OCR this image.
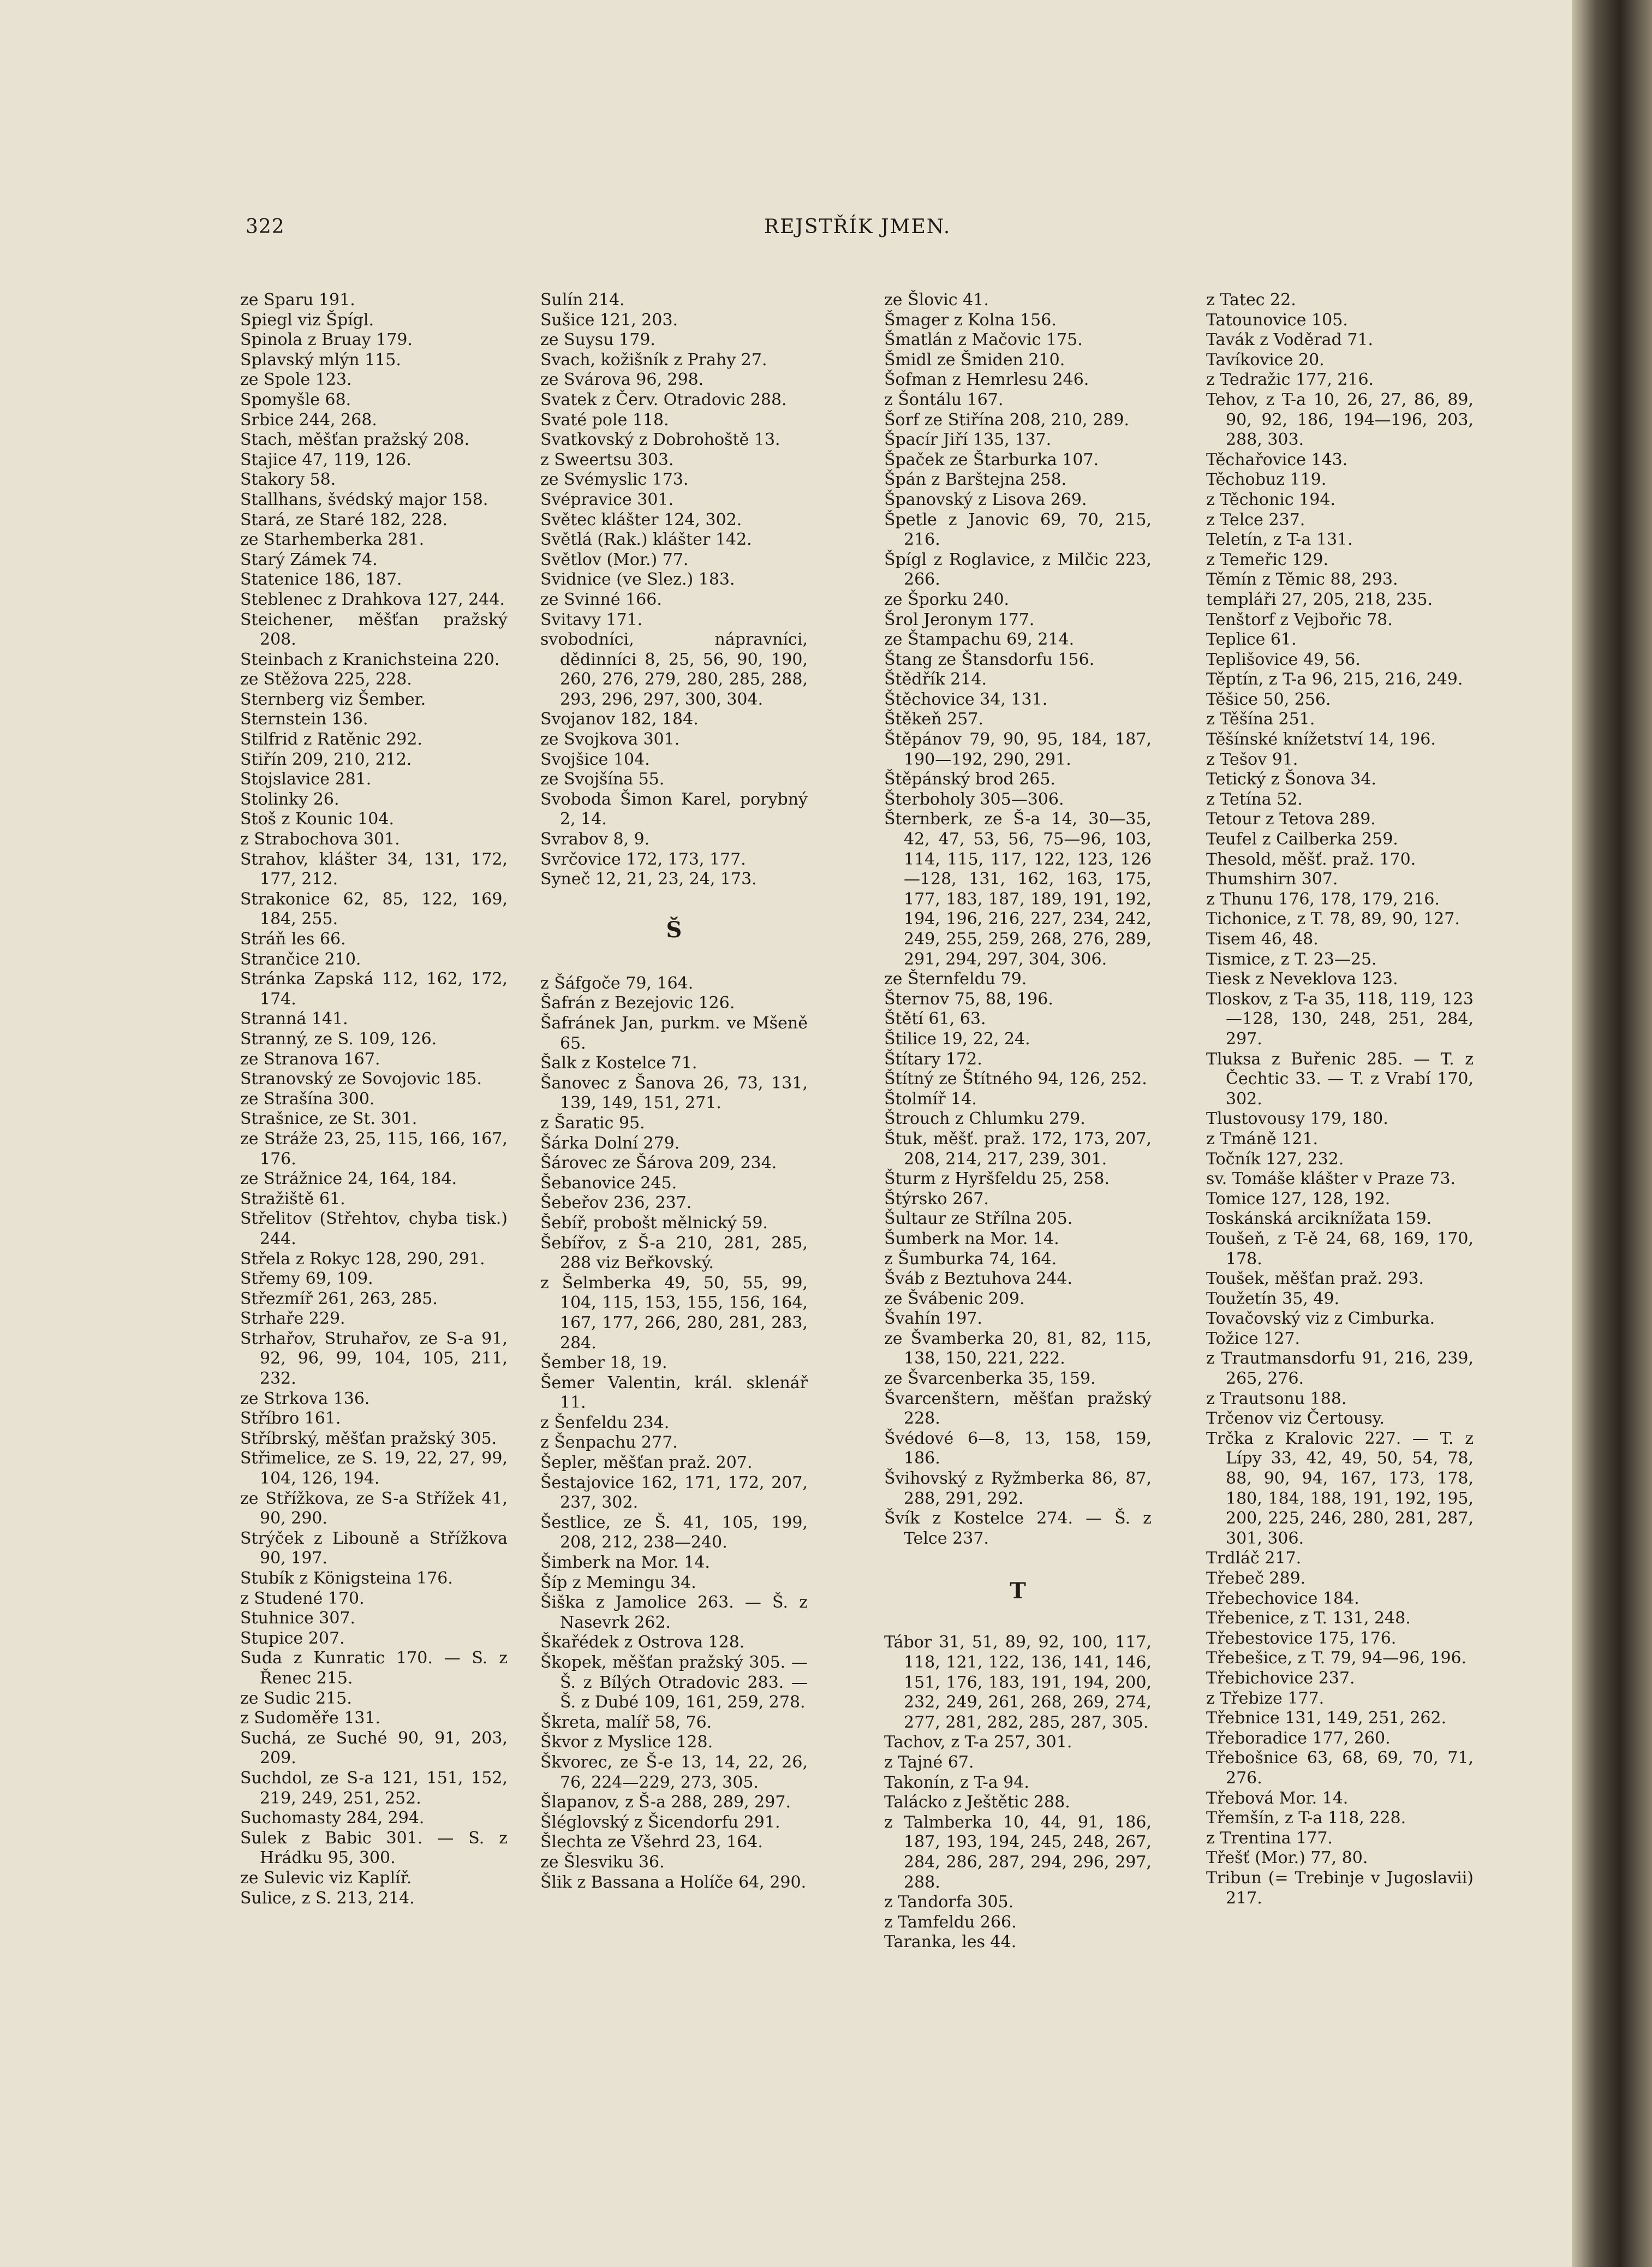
322	REJSTŘÍK JMEN.
ze Sparu 191.
Spiegl viz Špígl.
Spinola z Bruay 179.
Splavský mlýn 115.
ze Spole 123.
Spomyšle 68.
Srbice 244, 268.
Stach, měšťan pražský 208.
Stajice 47, 119, 126.
Stakory 58.
Stallhans, švédský major 158.
Stará, ze Staré 182, 228.
ze Starhemberka 281.
Starý Zámek 74.
Statenice 186, 187.
Steblenec z Drahkova 127, 244.
Steichener, měšťan pražský 208.
Steinbach z Kranichsteina 220.
ze Stěžova 225, 228.
Sternberg viz Šember.
Sternstein 136.
Stilfrid z Ratěnic 292.
Stiřín 209, 210, 212.
Stojslavice 281.
Stolinky 26.
Stoš z Kounic 104.
z Strabochova 301.
Strahov, klášter 34, 131, 172, 177, 212.
Strakonice 62, 85, 122, 169, 184, 255.
Stráň les 66.
Strančice 210.
Stránka Zapská 112, 162, 172, 174.
Stranná 141.
Stranný, ze S. 109, 126.
ze Stranova 167.
Stranovský ze Sovojovic 185.
ze Strašína 300.
Strašnice, ze St. 301.
ze Stráže 23, 25, 115, 166, 167, 176.
ze Strážnice 24, 164, 184.
Stražiště 61.
Střelitov (Střehtov, chyba tisk.) 244.
Střela z Rokyc 128, 290, 291.
Střemy 69, 109.
Střezmíř 261, 263, 285.
Strhaře 229.
Strhařov, Struhařov, ze S-a 91, 92, 96, 99, 104, 105, 211, 232.
ze Strkova 136.
Stříbro 161.
Stříbrský, měšťan pražský 305.
Střimelice, ze S. 19, 22, 27, 99, 104, 126, 194.
ze Střížkova, ze S-a Střížek 41, 90, 290.
Strýček z Libouně a Střížkova 90, 197.
Stubík z Königsteina 176.
z Studené 170.
Stuhnice 307.
Stupice 207.
Suda z Kunratic 170. — S. z Řenec 215.
ze Sudic 215.
z Sudoměře 131.
Suchá, ze Suché 90, 91, 203, 209.
Suchdol, ze S-a 121, 151, 152, 219, 249, 251, 252.
Suchomasty 284, 294.
Sulek z Babic 301. — S. z Hrádku 95, 300.
ze Sulevic viz Kaplíř.
Sulice, z S. 213, 214.
Sulín 214.
Sušice 121, 203.
ze Suysu 179.
Svach, kožišník z Prahy 27.
ze Svárova 96, 298.
Svatek z Červ. Otradovic 288.
Svaté pole 118.
Svatkovský z Dobrohoště 13.
z Sweertsu 303.
ze Svémyslic 173.
Svépravice 301.
Světec klášter 124, 302.
Světlá (Rak.) klášter 142.
Světlov (Mor.) 77.
Svidnice (ve Slez.) 183.
ze Svinné 166.
Svitavy 171.
svobodníci, nápravníci, dědinníci 8, 25, 56, 90, 190, 260, 276, 279, 280, 285, 288, 293, 296, 297, 300, 304.
Svojanov 182, 184.
ze Svojkova 301.
Svojšice 104.
ze Svojšína 55.
Svoboda Šimon Karel, porybný 2, 14.
Svrabov 8, 9.
Svrčovice 172, 173, 177.
Syneč 12, 21, 23, 24, 173.
Š
z Šáfgoče 79, 164.
Šafrán z Bezejovic 126.
Šafránek Jan, purkm. ve Mšeně 65.
Šalk z Kostelce 71.
Šanovec z Šanova 26, 73, 131, 139, 149, 151, 271.
z Šaratic 95.
Šárka Dolní 279.
Šárovec ze Šárova 209, 234.
Šebanovice 245.
Šebeřov 236, 237.
Šebíř, probošt mělnický 59.
Šebířov, z Š-a 210, 281, 285, 288 viz Beřkovský.
z Šelmberka 49, 50, 55, 99, 104, 115, 153, 155, 156, 164, 167, 177, 266, 280, 281, 283, 284.
Šember 18, 19.
Šemer Valentin, král. sklenář 11.
z Šenfeldu 234.
z Šenpachu 277.
Šepler, měšťan praž. 207.
Šestajovice 162, 171, 172, 207, 237, 302.
Šestlice, ze Š. 41, 105, 199, 208, 212, 238—240.
Šimberk na Mor. 14.
Šíp z Memingu 34.
Šiška z Jamolice 263. — Š. z Nasevrk 262.
Škařédek z Ostrova 128.
Škopek, měšťan pražský 305. — Š. z Bílých Otradovic 283. — Š. z Dubé 109, 161, 259, 278.
Škreta, malíř 58, 76.
Škvor z Myslice 128.
Škvorec, ze Š-e 13, 14, 22, 26, 76, 224—229, 273, 305.
Šlapanov, z Š-a 288, 289, 297.
Šléglovský z Šicendorfu 291.
Šlechta ze Všehrd 23, 164.
ze Šlesviku 36.
Šlik z Bassana a Holíče 64, 290.
ze Šlovic 41.
Šmager z Kolna 156.
Šmatlán z Mačovic 175.
Šmidl ze Šmiden 210.
Šofman z Hemrlesu 246.
z Šontálu 167.
Šorf ze Stiřína 208, 210, 289.
Špacír Jiří 135, 137.
Špaček ze Štarburka 107.
Špán z Barštejna 258.
Španovský z Lisova 269.
Špetle z Janovic 69, 70, 215, 216.
Špígl z Roglavice, z Milčic 223, 266.
ze Šporku 240.
Šrol Jeronym 177.
ze Štampachu 69, 214.
Štang ze Štansdorfu 156.
Štědřík 214.
Štěchovice 34, 131.
Štěkeň 257.
Štěpánov 79, 90, 95, 184, 187, 190—192, 290, 291.
Štěpánský brod 265.
Šterboholy 305—306.
Šternberk, ze Š-a 14, 30—35, 42, 47, 53, 56, 75—96, 103, 114, 115, 117, 122, 123, 126—128, 131, 162, 163, 175, 177, 183, 187, 189, 191, 192, 194, 196, 216, 227, 234, 242, 249, 255, 259, 268, 276, 289, 291, 294, 297, 304, 306.
ze Šternfeldu 79.
Šternov 75, 88, 196.
Štětí 61, 63.
Štilice 19, 22, 24.
Štítary 172.
Štítný ze Štítného 94, 126, 252.
Štolmíř 14.
Štrouch z Chlumku 279.
Štuk, měšť. praž. 172, 173, 207, 208, 214, 217, 239, 301.
Šturm z Hyršfeldu 25, 258.
Štýrsko 267.
Šultaur ze Střílna 205.
Šumberk na Mor. 14.
z Šumburka 74, 164.
Šváb z Beztuhova 244.
ze Švábenic 209.
Švahín 197.
ze Švamberka 20, 81, 82, 115, 138, 150, 221, 222.
ze Švarcenberka 35, 159.
Švarcenštern, měšťan pražský 228.
Švédové 6—8, 13, 158, 159, 186.
Švihovský z Ryžmberka 86, 87, 288, 291, 292.
Švík z Kostelce 274. — Š. z Telce 237.
T
Tábor 31, 51, 89, 92, 100, 117, 118, 121, 122, 136, 141, 146, 151, 176, 183, 191, 194, 200, 232, 249, 261, 268, 269, 274, 277, 281, 282, 285, 287, 305.
Tachov, z T-a 257, 301.
z Tajné 67.
Takonín, z T-a 94.
Talácko z Ještětic 288.
z Talmberka 10, 44, 91, 186, 187, 193, 194, 245, 248, 267, 284, 286, 287, 294, 296, 297, 288.
z Tandorfa 305.
z Tamfeldu 266.
Taranka, les 44.
z Tatec 22.
Tatounovice 105.
Tavák z Voděrad 71.
Tavíkovice 20.
z Tedražic 177, 216.
Tehov, z T-a 10, 26, 27, 86, 89, 90, 92, 186, 194—196, 203, 288, 303.
Těchařovice 143.
Těchobuz 119.
z Těchonic 194.
z Telce 237.
Teletín, z T-a 131.
z Temeřic 129.
Těmín z Těmic 88, 293.
templáři 27, 205, 218, 235.
Tenštorf z Vejbořic 78.
Teplice 61.
Teplišovice 49, 56.
Těptín, z T-a 96, 215, 216, 249.
Těšice 50, 256.
z Těšína 251.
Těšínské knížetství 14, 196.
z Tešov 91.
Tetický z Šonova 34.
z Tetína 52.
Tetour z Tetova 289.
Teufel z Cailberka 259.
Thesold, měšť. praž. 170.
Thumshirn 307.
z Thunu 176, 178, 179, 216.
Tichonice, z T. 78, 89, 90, 127.
Tisem 46, 48.
Tismice, z T. 23—25.
Tiesk z Neveklova 123.
Tloskov, z T-a 35, 118, 119, 123—128, 130, 248, 251, 284, 297.
Tluksa z Buřenic 285. — T. z Čechtic 33. — T. z Vrabí 170, 302.
Tlustovousy 179, 180.
z Tmáně 121.
Točník 127, 232.
sv. Tomáše klášter v Praze 73.
Tomice 127, 128, 192.
Toskánská arciknížata 159.
Toušeň, z T-ě 24, 68, 169, 170, 178.
Toušek, měšťan praž. 293.
Toužetín 35, 49.
Tovačovský viz z Cimburka.
Tožice 127.
z Trautmansdorfu 91, 216, 239, 265, 276.
z Trautsonu 188.
Trčenov viz Čertousy.
Trčka z Kralovic 227. — T. z Lípy 33, 42, 49, 50, 54, 78, 88, 90, 94, 167, 173, 178, 180, 184, 188, 191, 192, 195, 200, 225, 246, 280, 281, 287, 301, 306.
Trdláč 217.
Třebeč 289.
Třebechovice 184.
Třebenice, z T. 131, 248.
Třebestovice 175, 176.
Třebešice, z T. 79, 94—96, 196.
Třebichovice 237.
z Třebize 177.
Třebnice 131, 149, 251, 262.
Třeboradice 177, 260.
Třebošnice 63, 68, 69, 70, 71, 276.
Třebová Mor. 14.
Třemšín, z T-a 118, 228.
z Trentina 177.
Třešť (Mor.) 77, 80.
Tribun (= Trebinje v Jugoslavii) 217.
